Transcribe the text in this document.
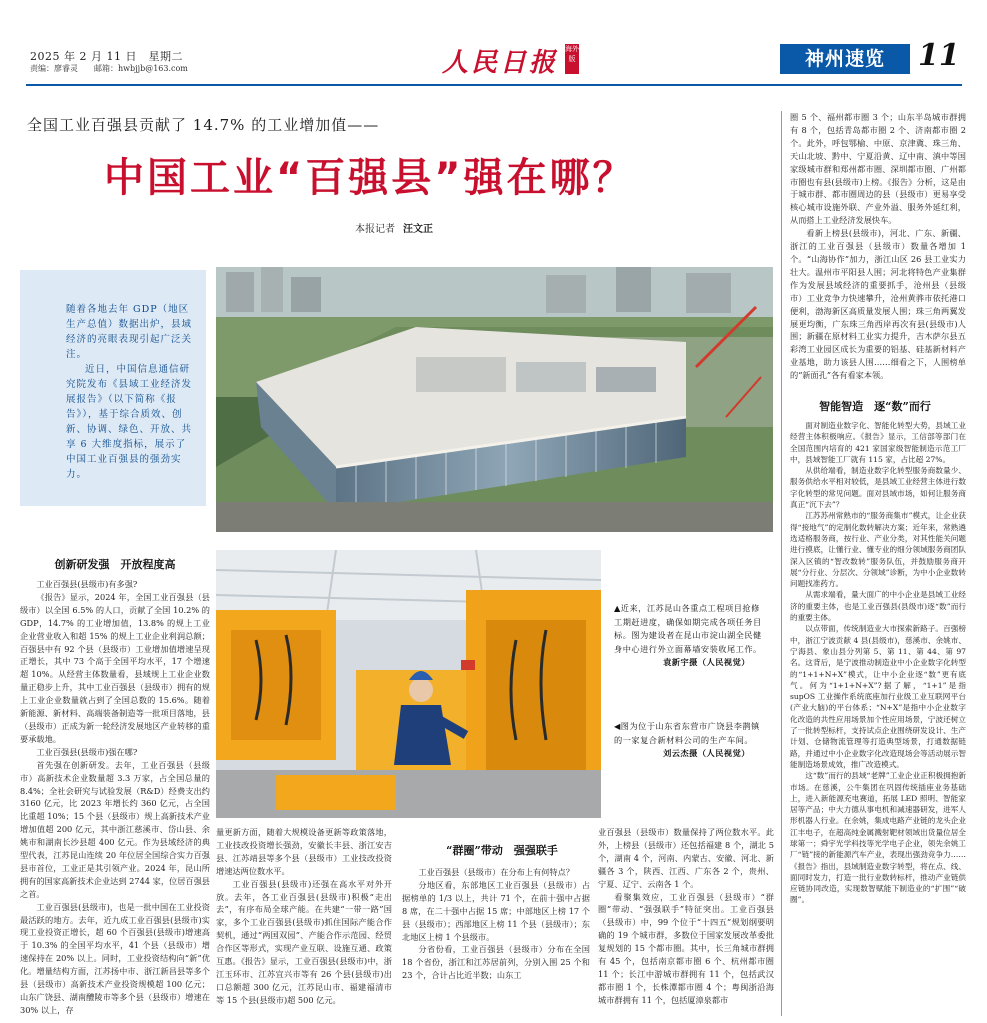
2025 年 2 月 11 日　星期二
责编：廖睿灵　　邮箱：hwbjjb@163.com	人民日报 海外版	神州速览	11
全国工业百强县贡献了 14.7% 的工业增加值——
中国工业“百强县”强在哪？
本报记者 汪文正

随着各地去年 GDP（地区生产总值）数据出炉，县域经济的亮眼表现引起广泛关注。

近日，中国信息通信研究院发布《县域工业经济发展报告》（以下简称《报告》），基于综合质效、创新、协调、绿色、开放、共享 6 大维度指标，展示了中国工业百强县的强劲实力。

▲近来，江苏昆山各重点工程项目抢修工期赶进度，确保如期完成各项任务目标。图为建设者在昆山市淀山湖全民健身中心进行外立面幕墙安装收尾工作。
袁新宇摄（人民视觉）
◀图为位于山东省东营市广饶县李鹊镇的一家复合新材料公司的生产车间。
刘云杰摄（人民视觉）
创新研发强　开放程度高
“群圈”带动　强强联手
智能智造　逐“数”而行

工业百强县(县级市)有多强?

《报告》显示，2024 年，全国工业百强县（县级市）以全国 6.5% 的人口，贡献了全国 10.2% 的 GDP，14.7% 的工业增加值，13.8% 的规上工业企业营业收入和超 15% 的规上工业企业利润总额；百强县中有 92 个县（县级市）工业增加值增速呈现正增长，其中 73 个高于全国平均水平，17 个增速超 10%。从经营主体数量看，县域规上工业企业数量正稳步上升，其中工业百强县（县级市）拥有的规上工业企业数量就占到了全国总数的 15.6%。随着新能源、新材料、高端装备制造等一批项目落地，县（县级市）正成为新一轮经济发展地区产业转移的重要承载地。

工业百强县(县级市)强在哪?

首先强在创新研发。去年，工业百强县（县级市）高新技术企业数量超 3.3 万家，占全国总量的 8.4%；全社会研究与试验发展（R&D）经费支出约 3160 亿元，比 2023 年增长约 360 亿元，占全国比重超 10%；15 个县（县级市）规上高新技术产业增加值超 200 亿元，其中浙江慈溪市、岱山县、余姚市和湖南长沙县超 400 亿元。作为县域经济的典型代表，江苏昆山连续 20 年位居全国综合实力百强县市首位，工业正是其引领产业。2024 年，昆山所拥有的国家高新技术企业达到 2744 家，位居百强县之首。

工业百强县(县级市)，也是一批中国在工业投资最活跃的地方。去年，近九成工业百强县(县级市)实现工业投资正增长，超 60 个百强县(县级市)增速高于 10.3% 的全国平均水平，41 个县（县级市）增速保持在 20% 以上。同时，工业投资结构向“新”优化。增量结构方面，江苏扬中市、浙江新昌县等多个县（县级市）高新技术产业投资规模超 100 亿元；山东广饶县、湖南醴陵市等多个县（县级市）增速在 30% 以上，存

量更新方面，随着大规模设备更新等政策落地，工业技改投资增长强劲，安徽长丰县、浙江安吉县、江苏靖县等多个县（县级市）工业技改投资增速达两位数水平。

工业百强县(县级市)还强在高水平对外开放。去年，各工业百强县(县级市)积极“走出去”，有序布局全球产能。在共建“一带一路”国家，多个工业百强县(县级市)抓住国际产能合作契机，通过“两国双园”、产能合作示范园、经贸合作区等形式，实现产业互联、设施互通、政策互惠。《报告》显示，工业百强县(县级市)中，浙江玉环市、江苏宜兴市等有 26 个县(县级市)出口总额超 300 亿元，江苏昆山市、福建福清市等 15 个县(县级市)超 500 亿元。

工业百强县（县级市）在分布上有何特点？

分地区看，东部地区工业百强县（县级市）占据榜单的 1/3 以上，共计 71 个，在前十强中占据 8 席，在二十强中占据 15 席；中部地区上榜 17 个县（县级市）；西部地区上榜 11 个县（县级市）；东北地区上榜 1 个县级市。

分省份看，工业百强县（县级市）分布在全国 18 个省份，浙江和江苏居前列，分别入围 25 个和 23 个，合计占比近半数；山东工

业百强县（县级市）数量保持了两位数水平。此外，上榜县（县级市）还包括福建 8 个，湖北 5 个，湖南 4 个，河南、内蒙古、安徽、河北、新疆各 3 个，陕西、江西、广东各 2 个，贵州、宁夏、辽宁、云南各 1 个。

看聚集效应，工业百强县（县级市）“群圈”带动、“强强联手”特征突出。工业百强县（县级市）中，99 个位于“十四五”规划纲要明确的 19 个城市群，多数位于国家发展改革委批复规划的 15 个都市圈。其中，长三角城市群拥有 45 个，包括南京都市圈 6 个、杭州都市圈 11 个；长江中游城市群拥有 11 个，包括武汉都市圈 1 个，长株潭都市圈 4 个；粤闽浙沿海城市群拥有 11 个，包括厦漳泉都市

圈 5 个、福州都市圈 3 个；山东半岛城市群拥有 8 个，包括青岛都市圈 2 个、济南都市圈 2 个。此外，呼包鄂榆、中原、京津冀、珠三角、天山北坡、黔中、宁夏沿黄、辽中南、滇中等国家级城市群和郑州都市圈、深圳都市圈、广州都市圈也有县(县级市)上榜。《报告》分析，这是由于城市群、都市圈周边的县（县级市）更易享受核心城市设施外联、产业外溢、服务外延红利，从而搭上工业经济发展快车。

看新上榜县(县级市)，河北、广东、新疆、浙江的工业百强县（县级市）数量各增加 1 个。“山海协作”加力，浙江山区 26 县工业实力壮大。温州市平阳县人围；河北将特色产业集群作为发展县域经济的重要抓手，沧州县（县级市）工业竞争力快速攀升，沧州黄骅市依托港口便利，渤海新区高质量发展人围；珠三角两翼发展更均衡，广东珠三角西岸再次有县(县级市)人围；新疆在原材料工业实力提升，吉木萨尔县五彩湾工业园区成长为重要的铝基、硅基新材料产业基地，助力该县人围……细看之下，人围榜单的“新面孔”各有看家本领。

面对制造业数字化、智能化转型大势，县域工业经营主体积极响应。《报告》显示，工信部等部门在全国范围内培育的 421 家国家级智能制造示范工厂中，县域智能工厂就有 115 家，占比超 27%。

从供给端看，制造业数字化转型服务商数量少、服务供给水平相对较低，是县域工业经营主体进行数字化转型的常见问题。面对县域市场，如何让服务商真正“沉下去”？

江苏苏州常熟市的“服务商集市”模式，让企业获得“接地气”的定制化数转解决方案；近年来，常熟遴选适格服务商，按行业、产业分类，对其性能关问题进行摸底，让懂行业、懂专业的细分领域服务商团队深入区镇的“智改数转”服务队伍，并鼓励服务商开展“分行业、分层次、分领域”诊断，为中小企业数转问题找准药方。

从需求端看，量大面广的中小企业是县域工业经济的重要主体，也是工业百强县(县级市)逐“数”而行的重要主体。

以点带面，传统制造业大市探索新路子。百强榜中，浙江宁波贡献 4 县(县级市)，慈溪市、余姚市、宁海县、象山县分列第 5、第 11、第 44、第 97 名。这背后，是宁波推动制造业中小企业数字化转型的“1+1+N+X”模式，让中小企业逐“数”更有底气。何为“1+1+N+X”?据了解，“1+1”是指 supOS 工业操作系统底座加行业级工业互联网平台(产业大脑)的平台体系；“N+X”是指中小企业数字化改造的共性应用场景加个性应用场景，宁波还树立了一批转型标杆，支持试点企业围绕研发设计、生产计划、仓储物流管理等打造典型场景，打通数据链路，并通过中小企业数字化改造现场会等活动展示智能制造场景成效，推广改造模式。

这“数”而行的县域“老牌”工业企业正积极拥抱新市场。在慈溪，公牛集团在巩固传统插座业务基础上，进入新能源充电赛道，拓展 LED 照明、智能家居等产品；中大力德从事电机和减速器研发，进军人形机器人行业。在余姚，集成电路产业链的龙头企业江丰电子，在超高纯金属溅射靶材领域出货量位居全球第一；舜宇光学科技等光学电子企业，领先余姚工厂“链”接的新能源汽车产业，表现出强劲竞争力……《报告》指出，县域制造业数字转型，将在点、线、面同时发力，打造一批行业数转标杆，推动产业链供应链协同改造，实现数智赋能下制造业的“扩围”“破圈”。
